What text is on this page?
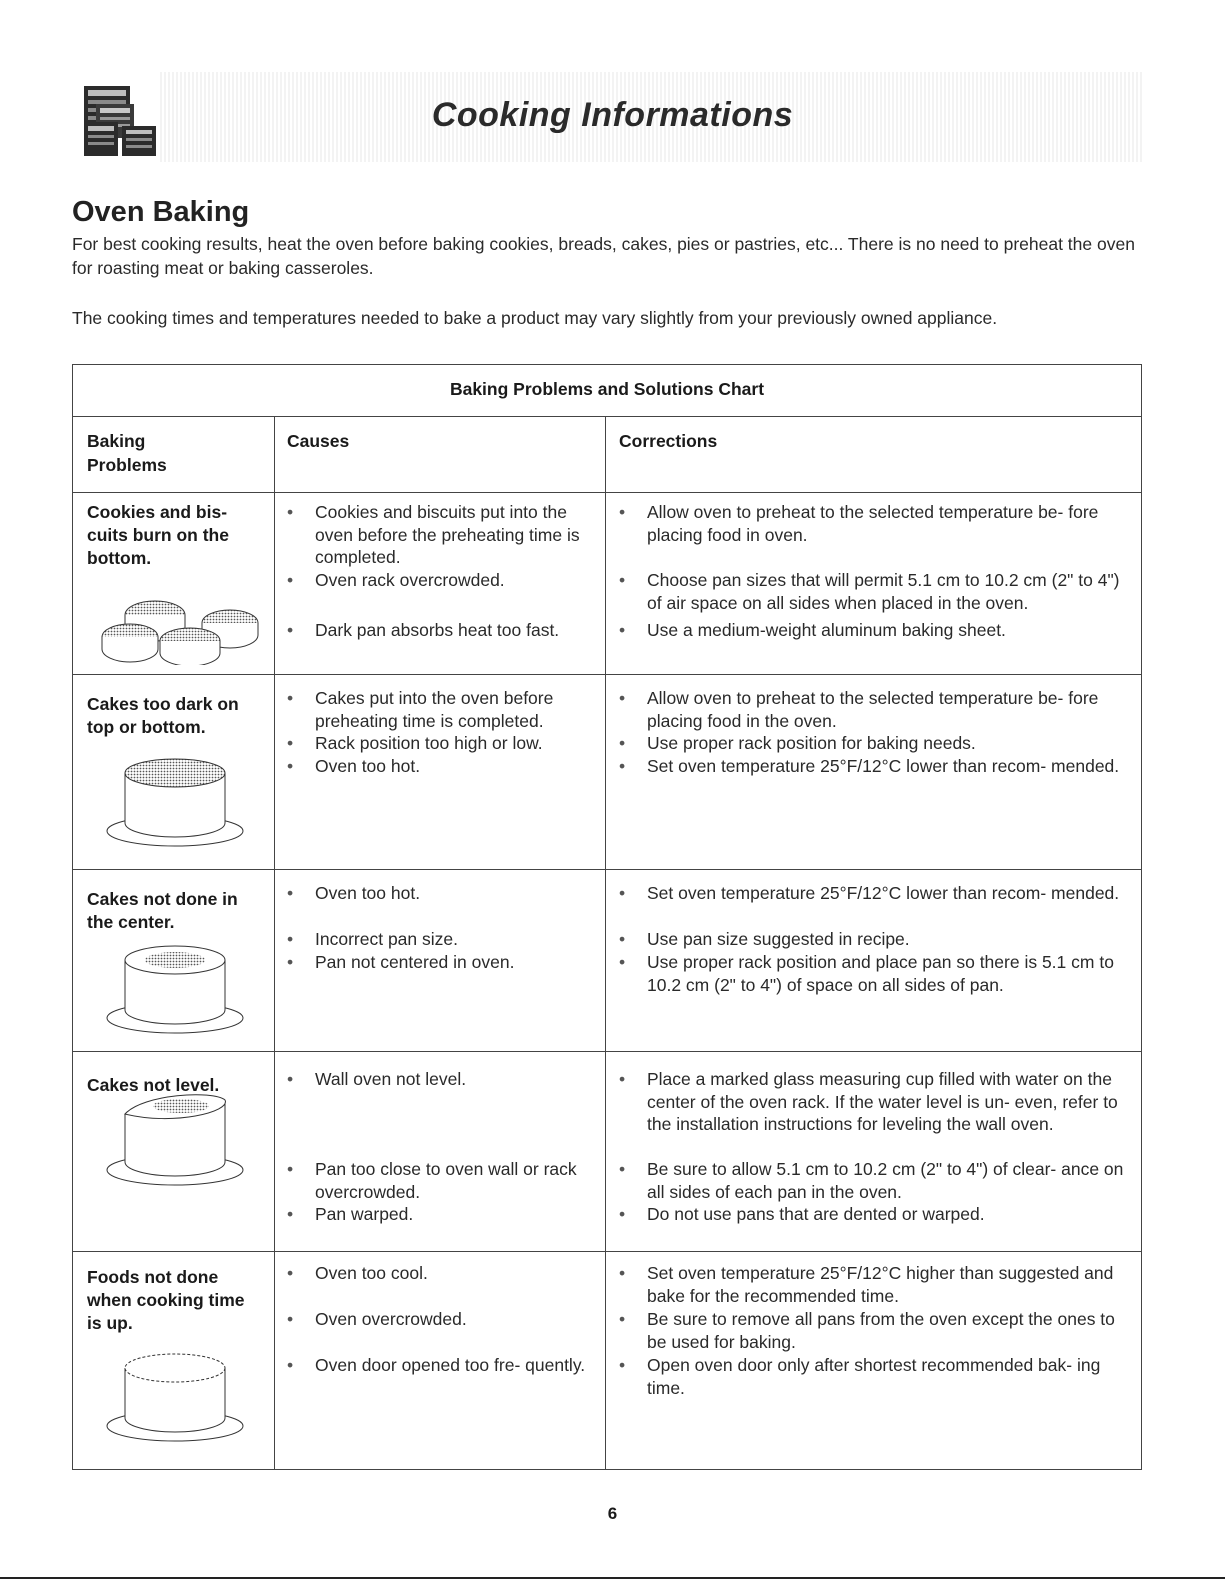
Cooking Informations
Oven Baking
For best cooking results, heat the oven before baking cookies, breads, cakes, pies or pastries, etc... There is no need to preheat the oven for roasting meat or baking casseroles.
The cooking times and temperatures needed to bake a product may vary slightly from your previously owned appliance.
Baking Problems and Solutions Chart
Baking Problems
Causes	Corrections
Cookies and bis- cuits burn on the bottom.
• Cookies and biscuits put into the oven before the preheating time is completed.
• Oven rack overcrowded.
• Dark pan absorbs heat too fast.
• Allow oven to preheat to the selected temperature be- fore placing food in oven.
• Choose pan sizes that will permit 5.1 cm to 10.2 cm (2" to 4") of air space on all sides when placed in the oven.
• Use a medium-weight aluminum baking sheet.
Cakes too dark on top or bottom.
• Cakes put into the oven before preheating time is completed.
• Rack position too high or low.
• Oven too hot.
• Allow oven to preheat to the selected temperature be- fore placing food in the oven.
• Use proper rack position for baking needs.
• Set oven temperature 25°F/12°C lower than recom- mended.
Cakes not done in the center.
• Oven too hot.
• Incorrect pan size.
• Pan not centered in oven.
• Set oven temperature 25°F/12°C lower than recom- mended.
• Use pan size suggested in recipe.
• Use proper rack position and place pan so there is 5.1 cm to 10.2 cm (2" to 4") of space on all sides of pan.
Cakes not level.
•	Wall oven not level.
• Pan too close to oven wall or rack overcrowded.
• Pan warped.
• Place a marked glass measuring cup filled with water on the center of the oven rack. If the water level is un- even, refer to the installation instructions for leveling the wall oven.
• Be sure to allow 5.1 cm to 10.2 cm (2" to 4") of clear- ance on all sides of each pan in the oven.
• Do not use pans that are dented or warped.
Foods not done when cooking time is up.
• Oven too cool.
• Oven overcrowded.
• Oven door opened too fre- quently.
• Set oven temperature 25°F/12°C higher than suggested and bake for the recommended time.
• Be sure to remove all pans from the oven except the ones to be used for baking.
• Open oven door only after shortest recommended bak- ing time.
6
